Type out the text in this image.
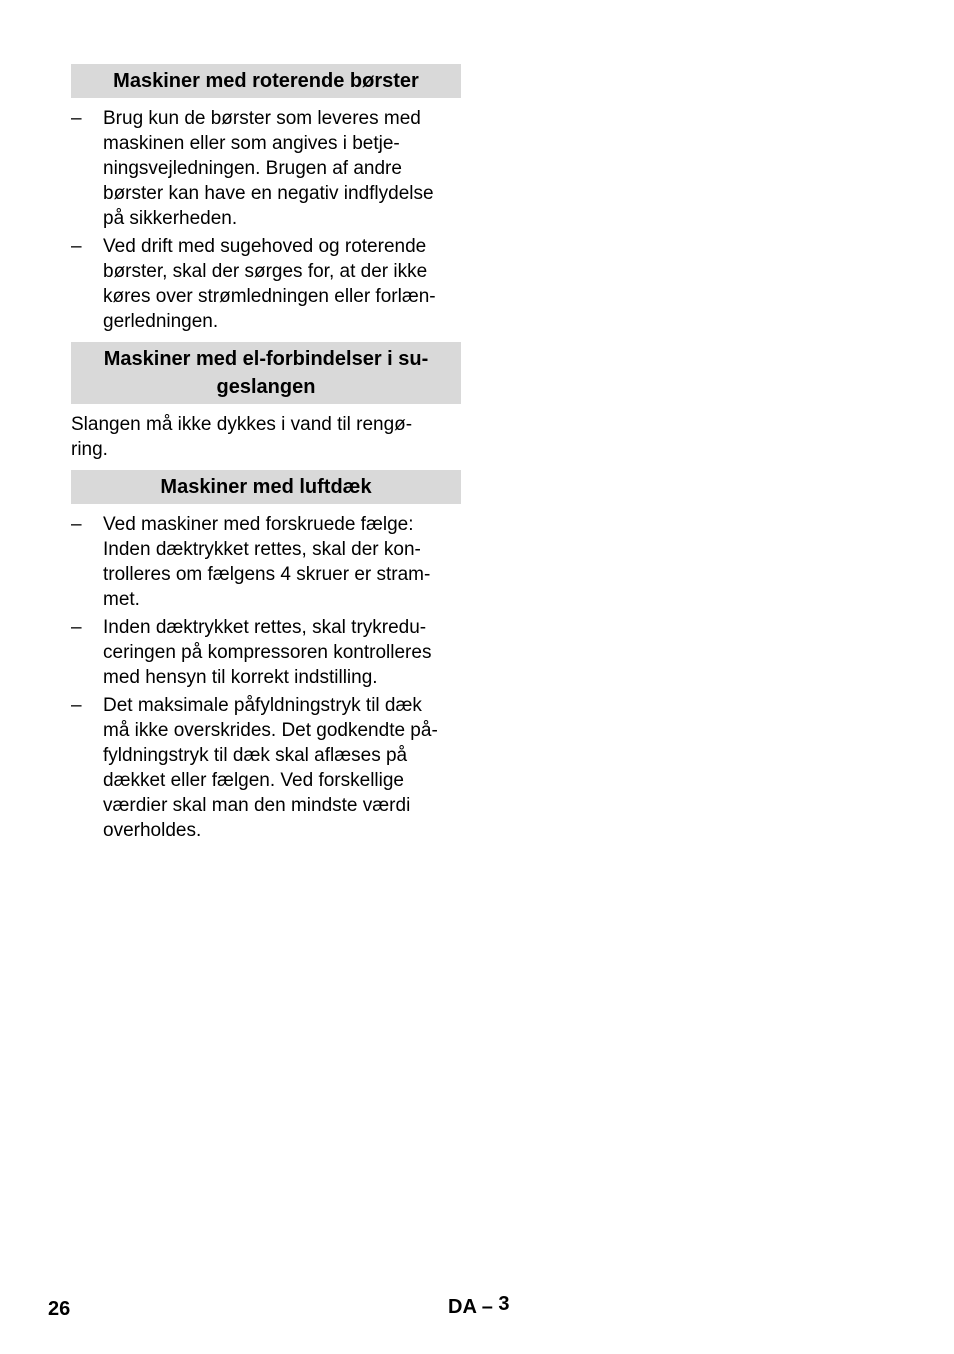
Maskiner med roterende børster
– Brug kun de børster som leveres med
maskinen eller som angives i betje-
ningsvejledningen. Brugen af andre
børster kan have en negativ indflydelse
på sikkerheden.
– Ved drift med sugehoved og roterende
børster, skal der sørges for, at der ikke
køres over strømledningen eller forlæn-
gerledningen.
Maskiner med el-forbindelser i su-
geslangen

Slangen må ikke dykkes i vand til rengø-
ring.

Maskiner med luftdæk
– Ved maskiner med forskruede fælge:
Inden dæktrykket rettes, skal der kon-
trolleres om fælgens 4 skruer er stram-
met.
– Inden dæktrykket rettes, skal trykredu-
ceringen på kompressoren kontrolleres
med hensyn til korrekt indstilling.
– Det maksimale påfyldningstryk til dæk
må ikke overskrides. Det godkendte på-
fyldningstryk til dæk skal aflæses på
dækket eller fælgen. Ved forskellige
værdier skal man den mindste værdi
overholdes.
26	DA – 3
